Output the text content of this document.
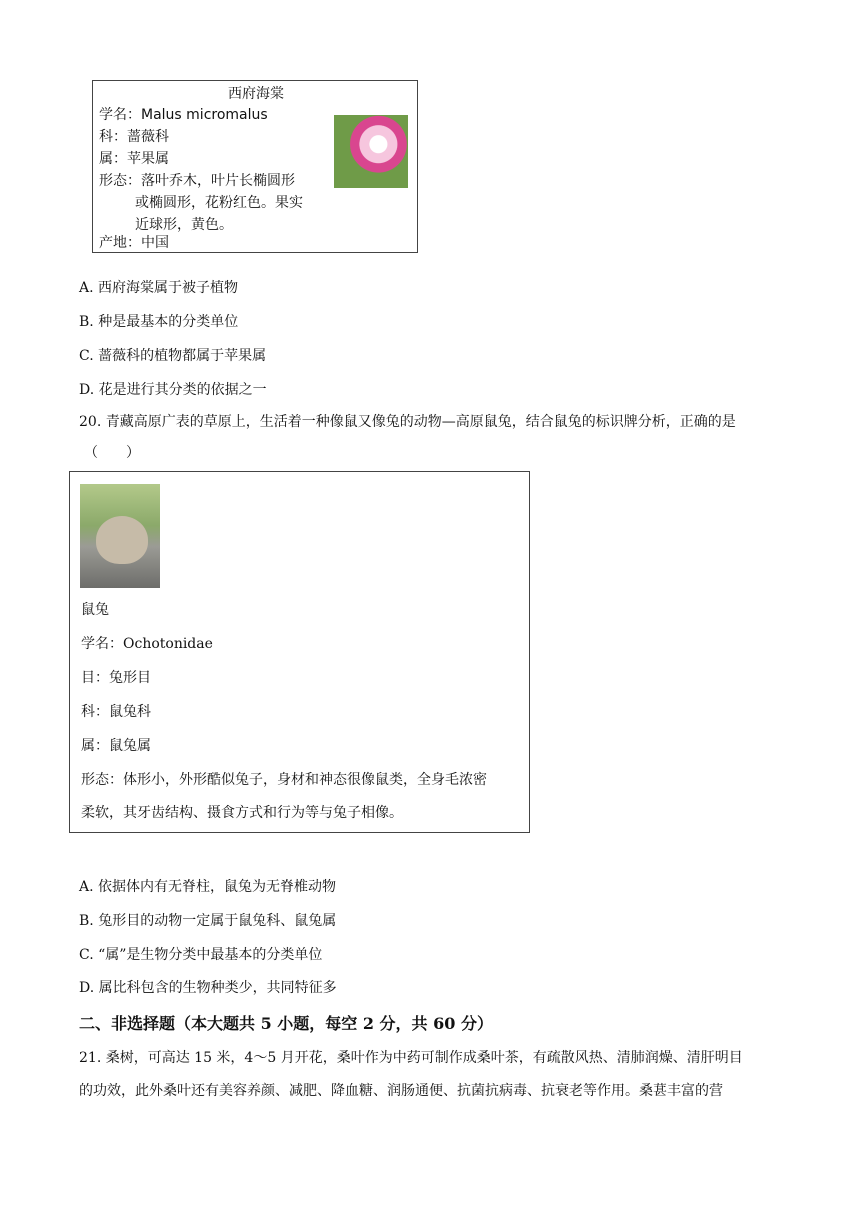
西府海棠
学名：Malus micromalus
科：蔷薇科
属：苹果属
形态：落叶乔木，叶片长椭圆形
或椭圆形，花粉红色。果实
近球形，黄色。
产地：中国
A. 西府海棠属于被子植物
B. 种是最基本的分类单位
C. 蔷薇科的植物都属于苹果属
D. 花是进行其分类的依据之一
20. 青藏高原广表的草原上，生活着一种像鼠又像兔的动物—高原鼠兔，结合鼠兔的标识牌分析，正确的是
（　　）
鼠兔
学名：Ochotonidae
目：兔形目
科：鼠兔科
属：鼠兔属
形态：体形小，外形酷似兔子，身材和神态很像鼠类，全身毛浓密
柔软，其牙齿结构、摄食方式和行为等与兔子相像。
A. 依据体内有无脊柱，鼠兔为无脊椎动物
B. 兔形目的动物一定属于鼠兔科、鼠兔属
C. “属”是生物分类中最基本的分类单位
D. 属比科包含的生物种类少，共同特征多
二、非选择题（本大题共 5 小题，每空 2 分，共 60 分）
21. 桑树，可高达 15 米，4～5 月开花，桑叶作为中药可制作成桑叶茶，有疏散风热、清肺润燥、清肝明目
的功效，此外桑叶还有美容养颜、减肥、降血糖、润肠通便、抗菌抗病毒、抗衰老等作用。桑葚丰富的营
